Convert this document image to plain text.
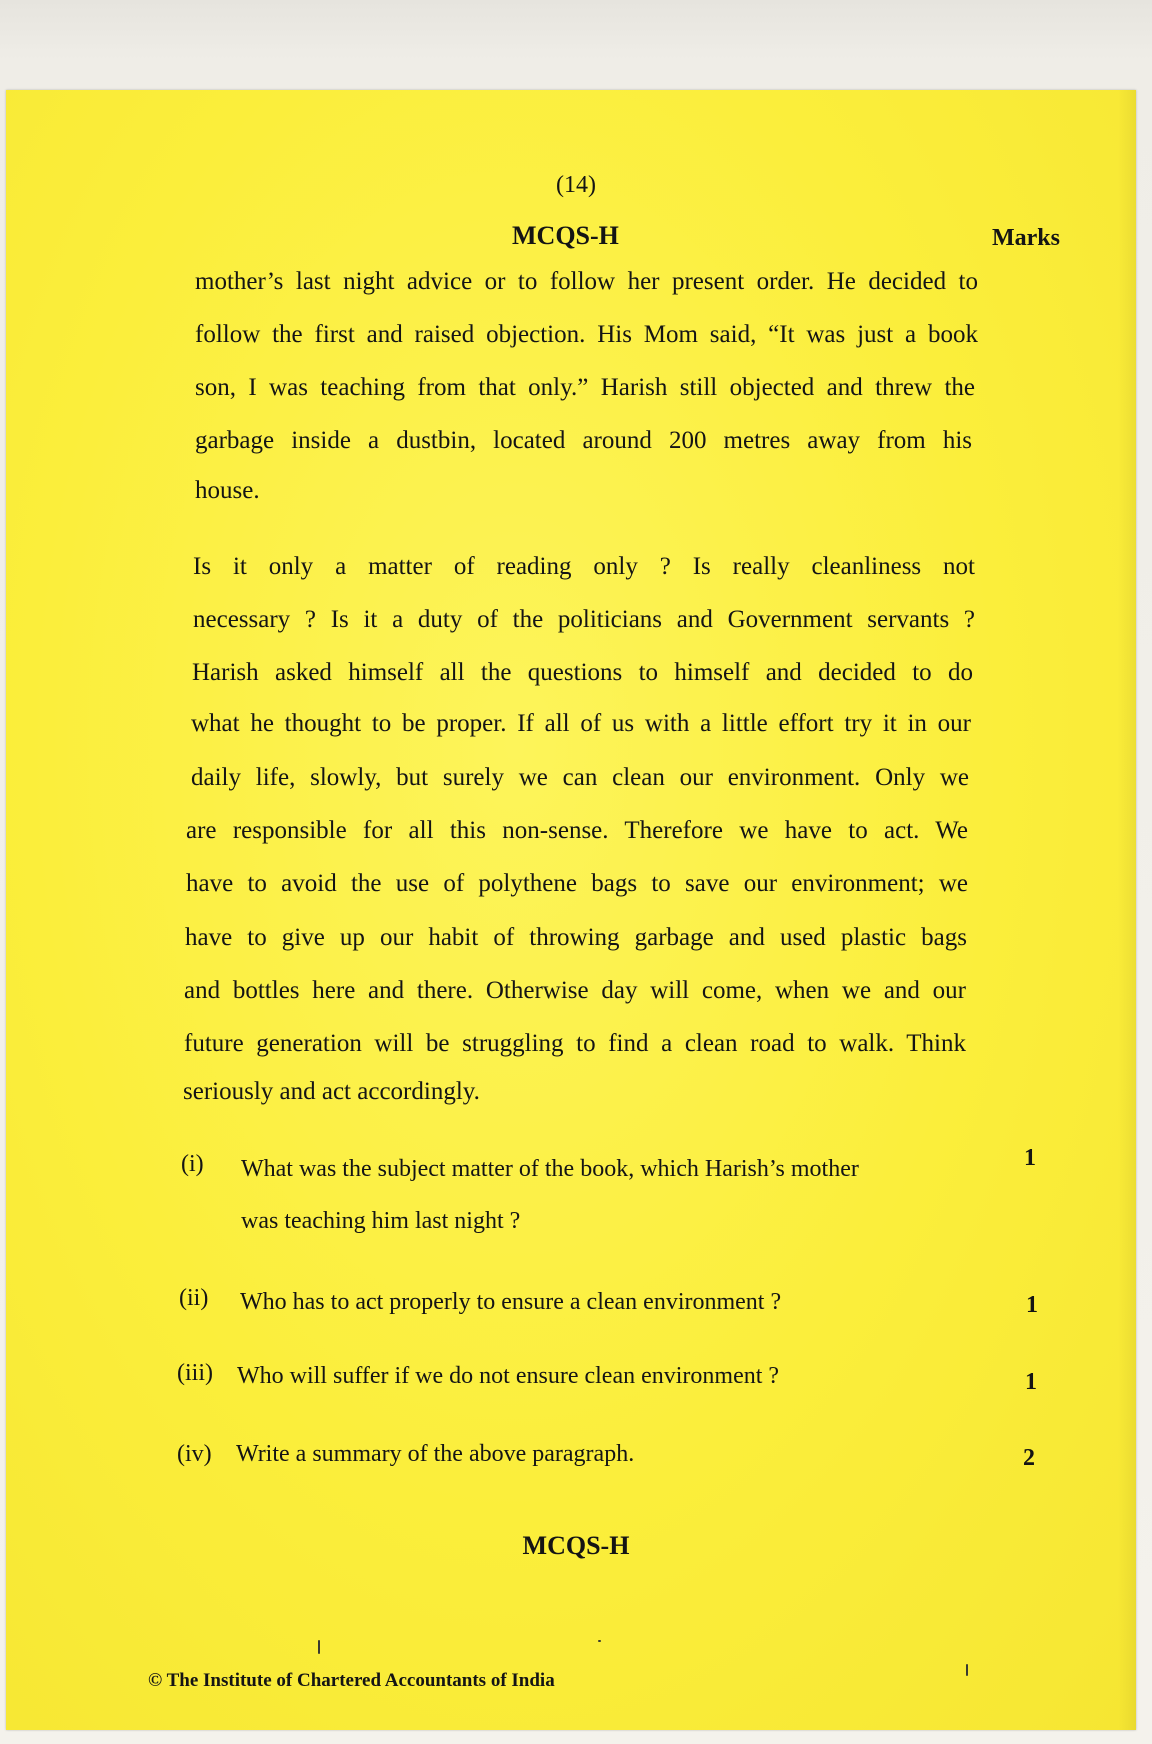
(14)
MCQS-H	Marks
mother’s last night advice or to follow her present order. He decided to
follow the first and raised objection. His Mom said, “It was just a book
son, I was teaching from that only.” Harish still objected and threw the
garbage inside a dustbin, located around 200 metres away from his
house.
Is it only a matter of reading only ? Is really cleanliness not
necessary ? Is it a duty of the politicians and Government servants ?
Harish asked himself all the questions to himself and decided to do
what he thought to be proper. If all of us with a little effort try it in our
daily life, slowly, but surely we can clean our environment. Only we
are responsible for all this non-sense. Therefore we have to act. We
have to avoid the use of polythene bags to save our environment; we
have to give up our habit of throwing garbage and used plastic bags
and bottles here and there. Otherwise day will come, when we and our
future generation will be struggling to find a clean road to walk. Think
seriously and act accordingly.
(i) What was the subject matter of the book, which Harish’s mother
was teaching him last night ?
1
(ii) Who has to act properly to ensure a clean environment ?	1
(iii) Who will suffer if we do not ensure clean environment ?	1
(iv) Write a summary of the above paragraph.	2
MCQS-H
© The Institute of Chartered Accountants of India
